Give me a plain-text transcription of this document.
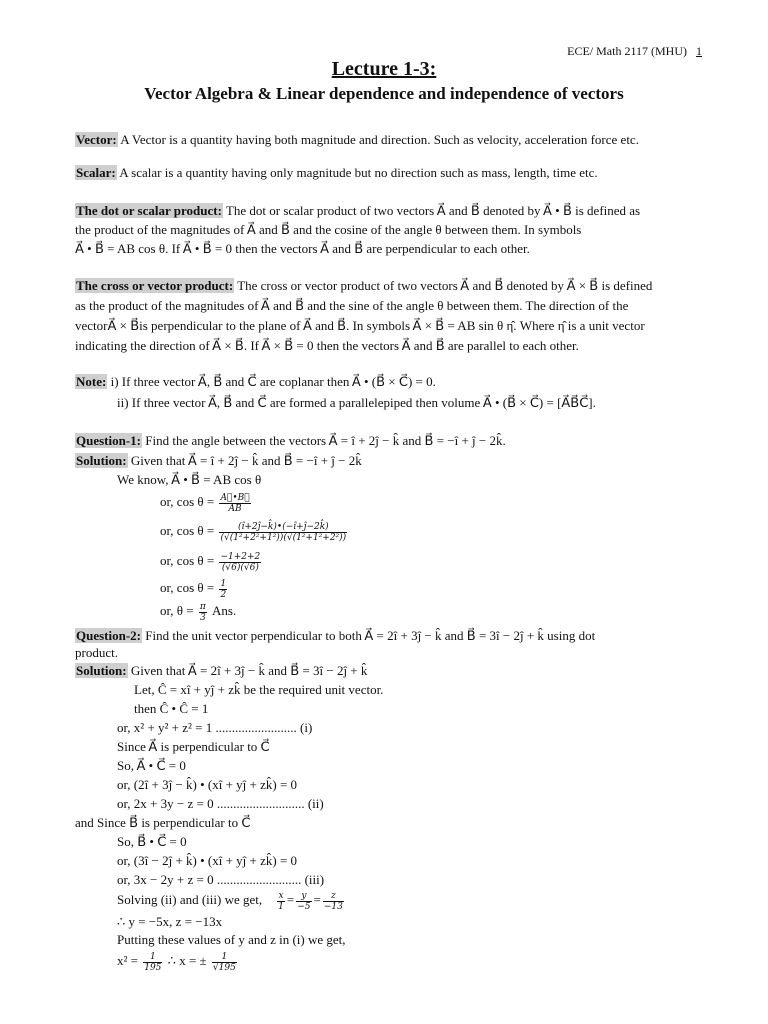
ECE/ Math 2117 (MHU) 1
Lecture 1-3:
Vector Algebra & Linear dependence and independence of vectors
Vector: A Vector is a quantity having both magnitude and direction. Such as velocity, acceleration force etc.
Scalar: A scalar is a quantity having only magnitude but no direction such as mass, length, time etc.
The dot or scalar product: The dot or scalar product of two vectors A⃗ and B⃗ denoted by A⃗ • B⃗ is defined as
the product of the magnitudes of A⃗ and B⃗ and the cosine of the angle θ between them. In symbols
A⃗ • B⃗ = AB cos θ. If A⃗ • B⃗ = 0 then the vectors A⃗ and B⃗ are perpendicular to each other.
The cross or vector product: The cross or vector product of two vectors A⃗ and B⃗ denoted by A⃗ × B⃗ is defined
as the product of the magnitudes of A⃗ and B⃗ and the sine of the angle θ between them. The direction of the
vectorA⃗ × B⃗is perpendicular to the plane of A⃗ and B⃗. In symbols A⃗ × B⃗ = AB sin θ η̂. Where η̂ is a unit vector
indicating the direction of A⃗ × B⃗. If A⃗ × B⃗ = 0 then the vectors A⃗ and B⃗ are parallel to each other.
Note: i) If three vector A⃗, B⃗ and C⃗ are coplanar then A⃗ • (B⃗ × C⃗) = 0.
ii) If three vector A⃗, B⃗ and C⃗ are formed a parallelepiped then volume A⃗ • (B⃗ × C⃗) = [A⃗B⃗C⃗].
Question-1: Find the angle between the vectors A⃗ = î + 2ĵ − k̂ and B⃗ = −î + ĵ − 2k̂.
Solution: Given that A⃗ = î + 2ĵ − k̂ and B⃗ = −î + ĵ − 2k̂
We know, A⃗ • B⃗ = AB cos θ
or, $\cos \theta = \frac{A⃗•B⃗}{AB}$
or, $\cos \theta = \frac{(î+2ĵ-k̂)•(-î+ĵ-2k̂)}{\text{(√(1²+2²+1²))(√(1²+1²+2²))}}$
or, $\cos \theta = \frac{-1+2+2}{(√6)(√6)}$
or, $\cos \theta = \frac{1}{2}$
or, $\theta = \frac{\pi}{3}$ Ans.
Question-2: Find the unit vector perpendicular to both A⃗ = 2î + 3ĵ − k̂ and B⃗ = 3î − 2ĵ + k̂ using dot
product.
Solution: Given that A⃗ = 2î + 3ĵ − k̂ and B⃗ = 3î − 2ĵ + k̂
Let, Ĉ = xî + yĵ + zk̂ be the required unit vector.
then Ĉ • Ĉ = 1
or, x² + y² + z² = 1 ......................... (i)
Since A⃗ is perpendicular to C⃗
So, A⃗ • C⃗ = 0
or, (2î + 3ĵ − k̂) • (xî + yĵ + zk̂) = 0
or, 2x + 3y − z = 0 ........................... (ii)
and Since B⃗ is perpendicular to C⃗
So, B⃗ • C⃗ = 0
or, (3î − 2ĵ + k̂) • (xî + yĵ + zk̂) = 0
or, 3x − 2y + z = 0 .......................... (iii)
Solving (ii) and (iii) we get, $\frac{x}{1} = \frac{y}{-5} = \frac{z}{-13}$
∴ y = −5x, z = −13x
Putting these values of y and z in (i) we get,
$x^2 = \frac{1}{195}$ ∴ x = ± $\frac{1}{√195}$
